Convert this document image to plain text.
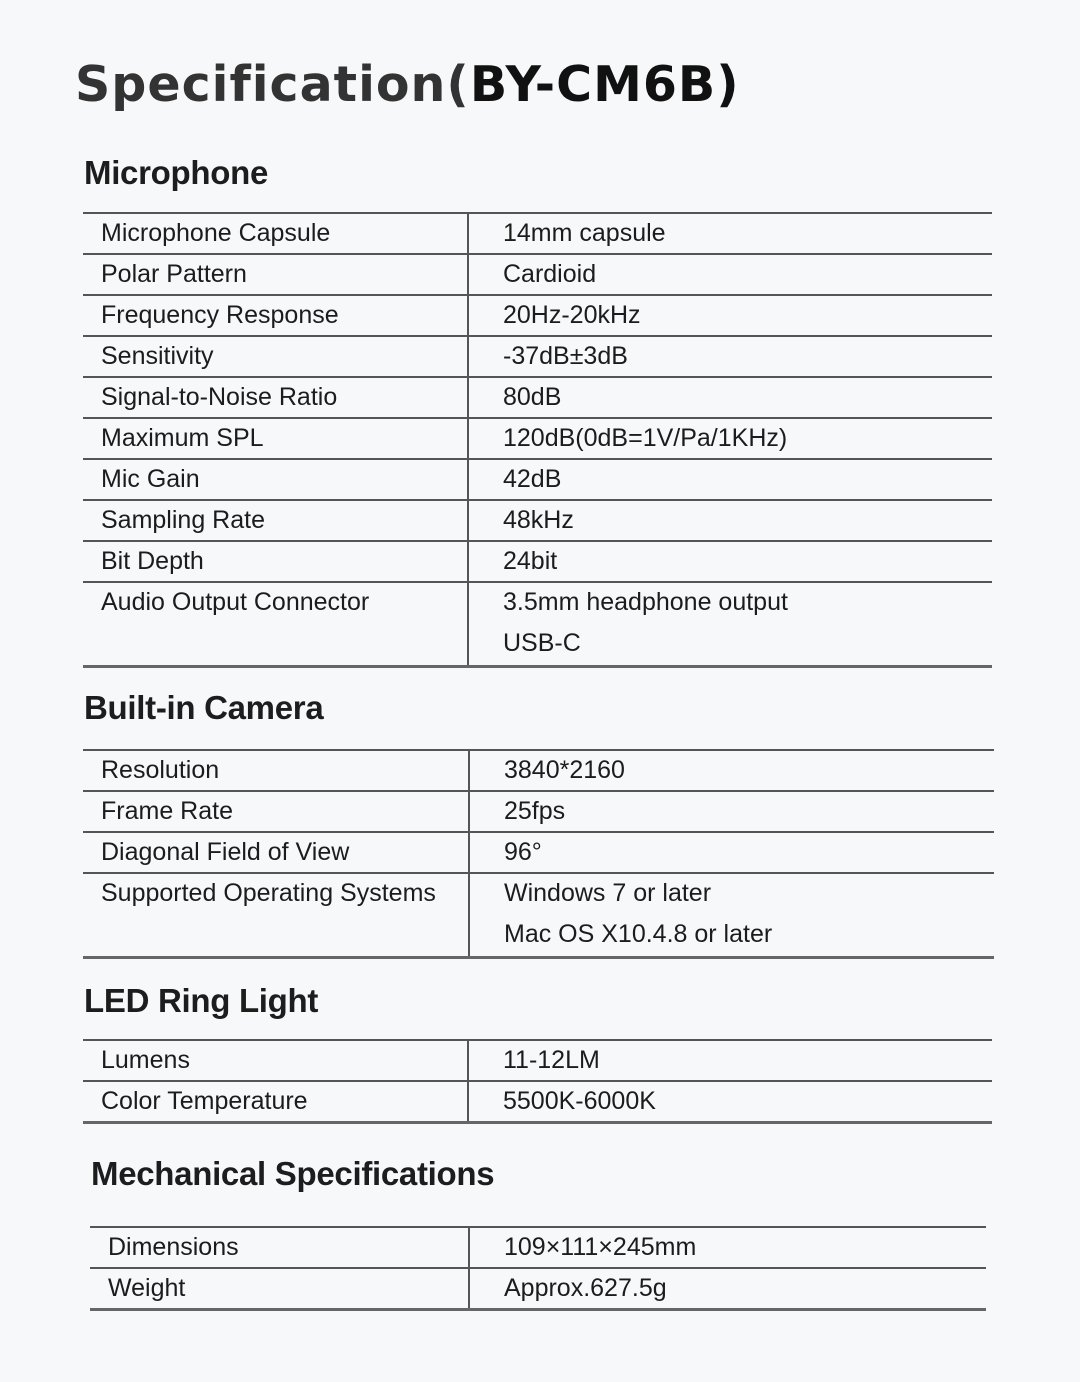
Specification(BY-CM6B)
Microphone
Microphone Capsule	14mm capsule
Polar Pattern	Cardioid
Frequency Response	20Hz-20kHz
Sensitivity	-37dB±3dB
Signal-to-Noise Ratio	80dB
Maximum SPL	120dB(0dB=1V/Pa/1KHz)
Mic Gain	42dB
Sampling Rate	48kHz
Bit Depth	24bit
Audio Output Connector	3.5mm headphone output
USB-C
Built-in Camera
Resolution	3840*2160
Frame Rate	25fps
Diagonal Field of View	96°
Supported Operating Systems	Windows 7 or later
Mac OS X10.4.8 or later
LED Ring Light
Lumens	11-12LM
Color Temperature	5500K-6000K
Mechanical Specifications
Dimensions	109×111×245mm
Weight	Approx.627.5g
